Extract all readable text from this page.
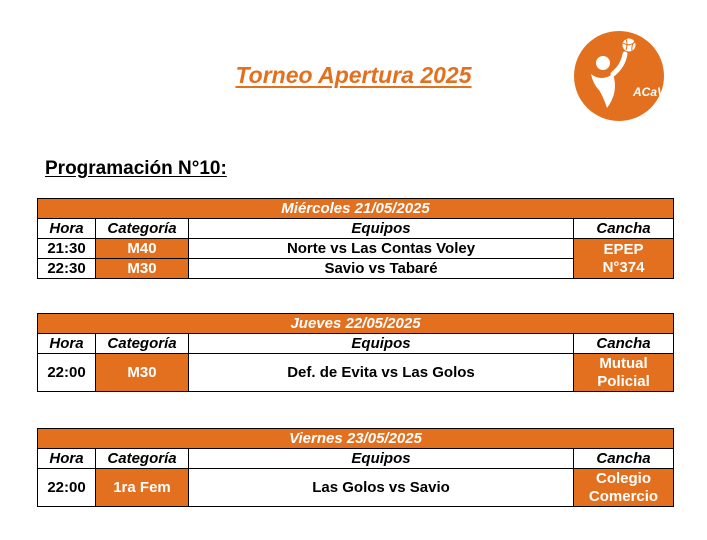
Torneo Apertura 2025
ACaV
Programación N°10:
Miércoles 21/05/2025			
Hora	Categoría	Equipos	Cancha
21:30	M40	Norte vs Las Contas Voley	EPEP
N°374
22:30	M30	Savio vs Tabaré	
Jueves 22/05/2025			
Hora	Categoría	Equipos	Cancha
22:00	M30	Def. de Evita vs Las Golos	Mutual
Policial
Viernes 23/05/2025			
Hora	Categoría	Equipos	Cancha
22:00	1ra Fem	Las Golos vs Savio	Colegio
Comercio
